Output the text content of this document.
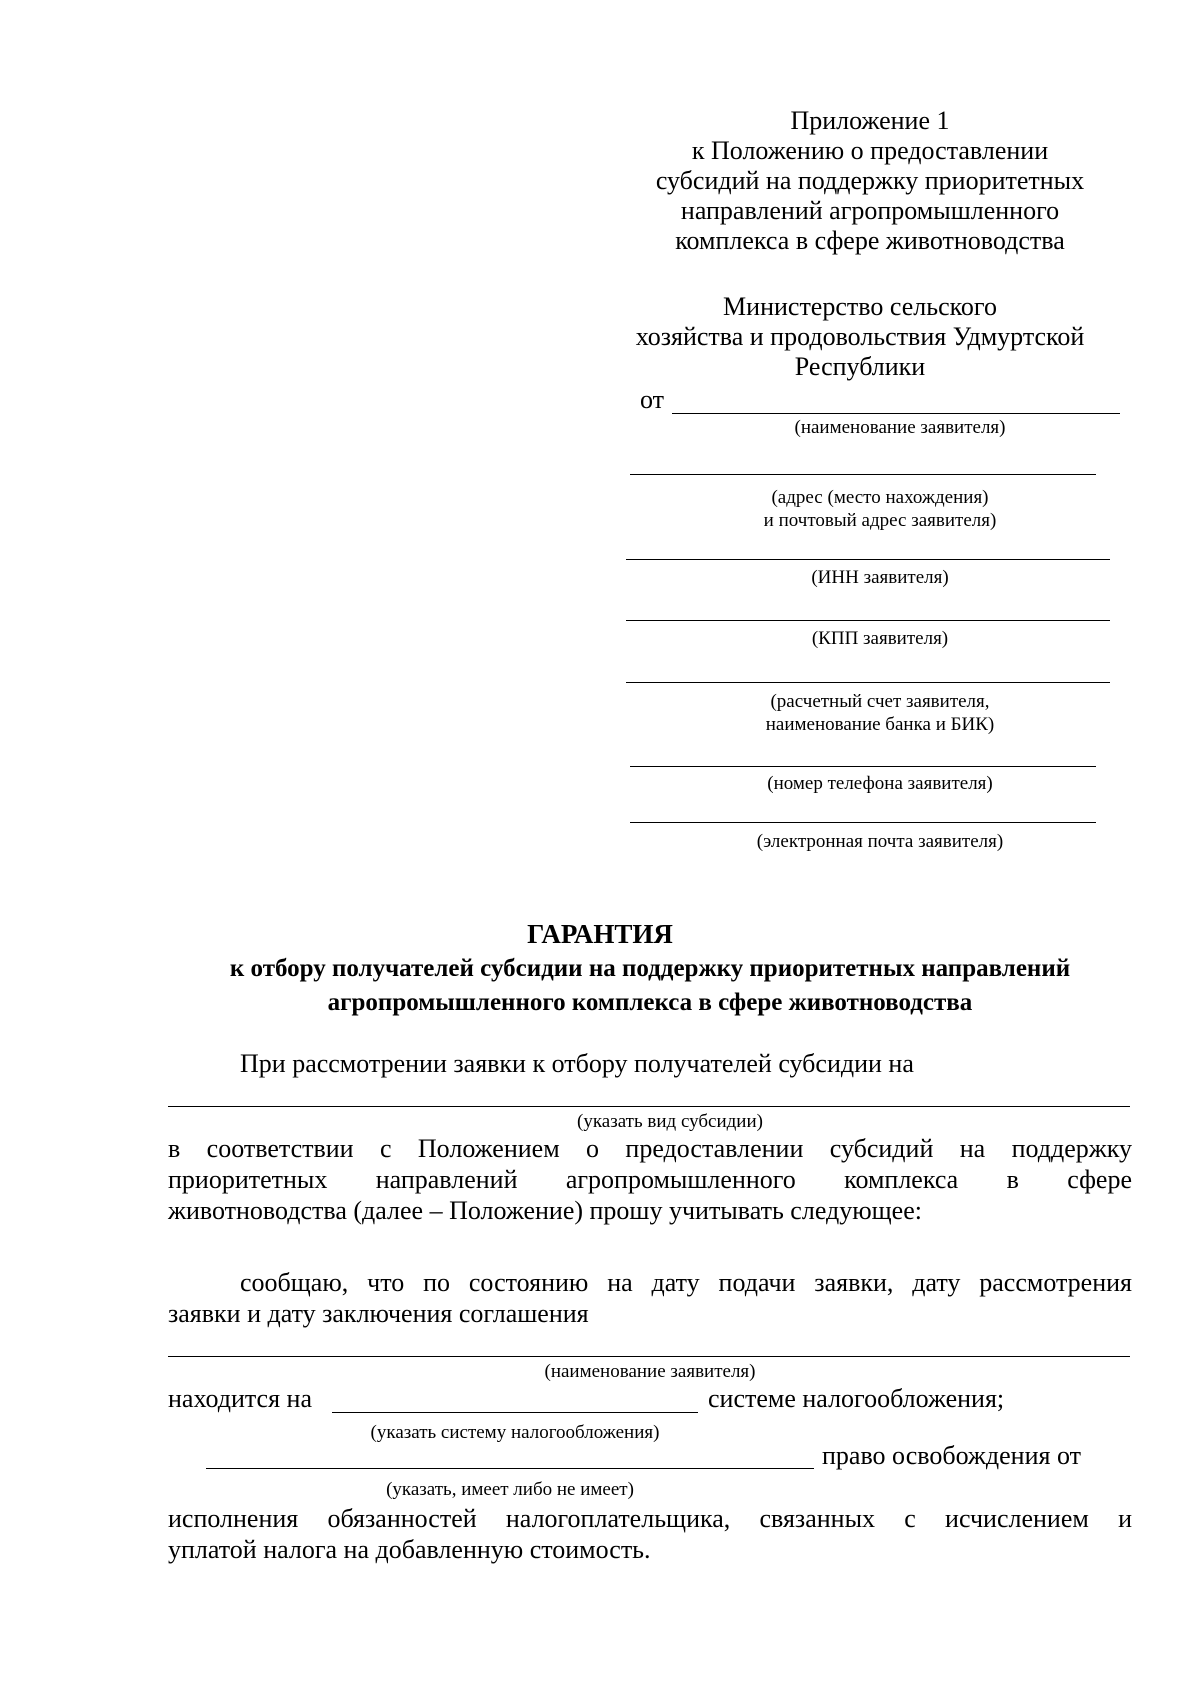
Приложение 1
к Положению о предоставлении
субсидий на поддержку приоритетных
направлений агропромышленного
комплекса в сфере животноводства
Министерство сельского
хозяйства и продовольствия Удмуртской
Республики
от
(наименование заявителя)
(адрес (место нахождения)
и почтовый адрес заявителя)
(ИНН заявителя)
(КПП заявителя)
(расчетный счет заявителя,
наименование банка и БИК)
(номер телефона заявителя)
(электронная почта заявителя)
ГАРАНТИЯ
к отбору получателей субсидии на поддержку приоритетных направлений
агропромышленного комплекса в сфере животноводства
При рассмотрении заявки к отбору получателей субсидии на
(указать вид субсидии)
в соответствии с Положением о предоставлении субсидий на поддержку
приоритетных направлений агропромышленного комплекса в сфере
животноводства (далее – Положение) прошу учитывать следующее:
сообщаю, что по состоянию на дату подачи заявки, дату рассмотрения
заявки и дату заключения соглашения
(наименование заявителя)
находится на	системе налогообложения;
(указать систему налогообложения)
право освобождения от
(указать, имеет либо не имеет)
исполнения обязанностей налогоплательщика, связанных с исчислением и
уплатой налога на добавленную стоимость.
